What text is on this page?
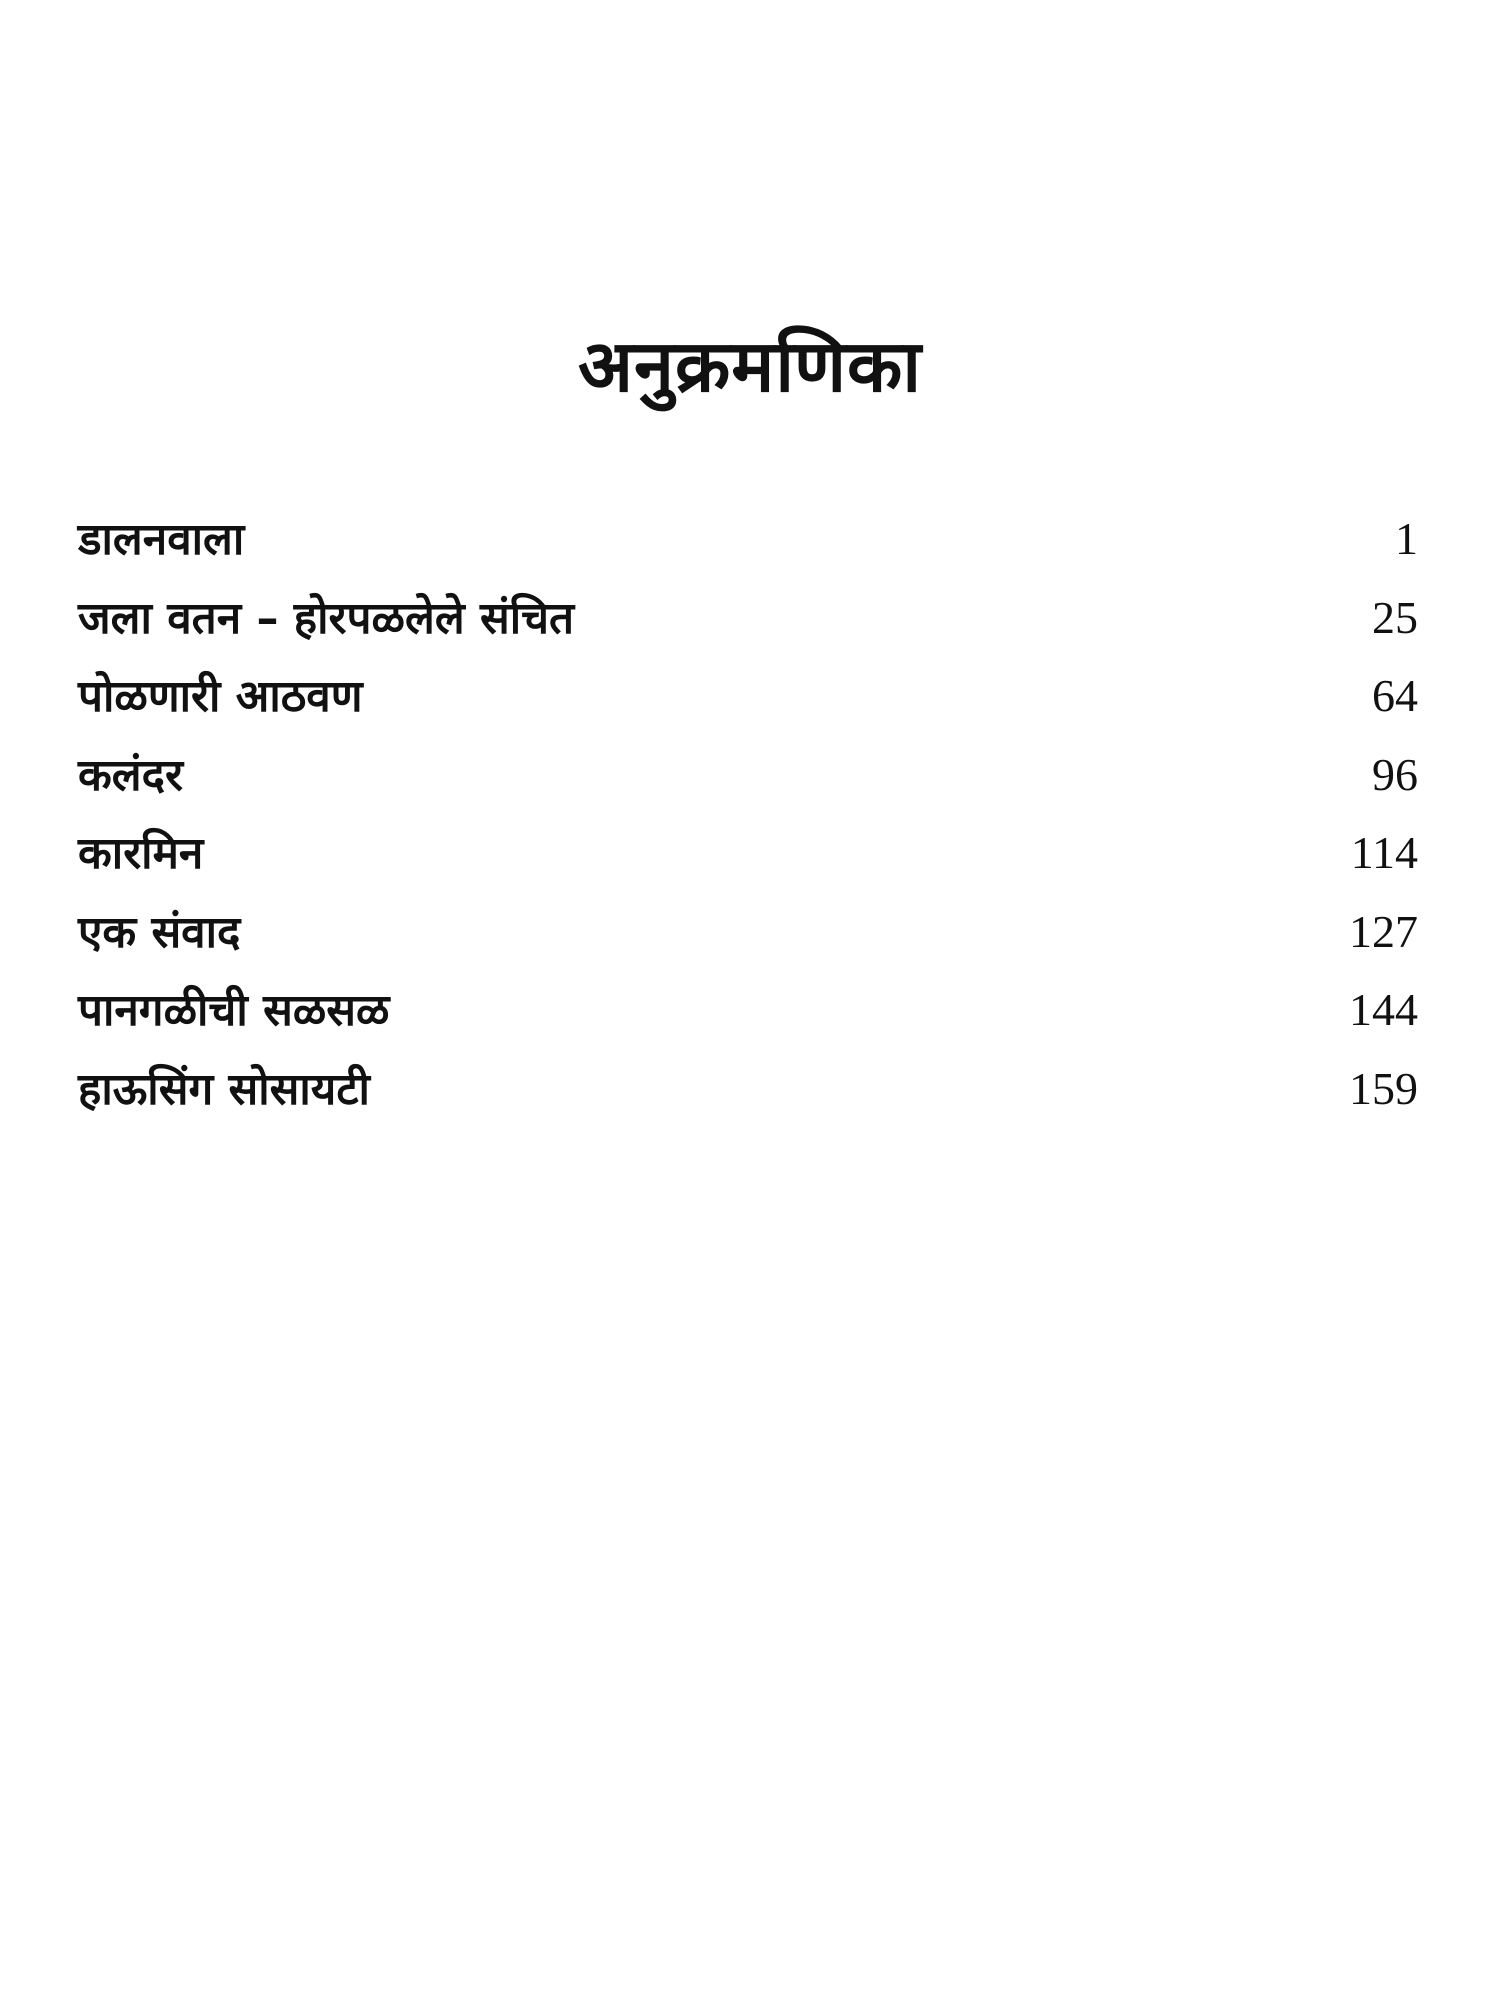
अनुक्रमणिका
डालनवाला	1
जला वतन – होरपळलेले संचित	25
पोळणारी आठवण	64
कलंदर	96
कारमिन	114
एक संवाद	127
पानगळीची सळसळ	144
हाऊसिंग सोसायटी	159
